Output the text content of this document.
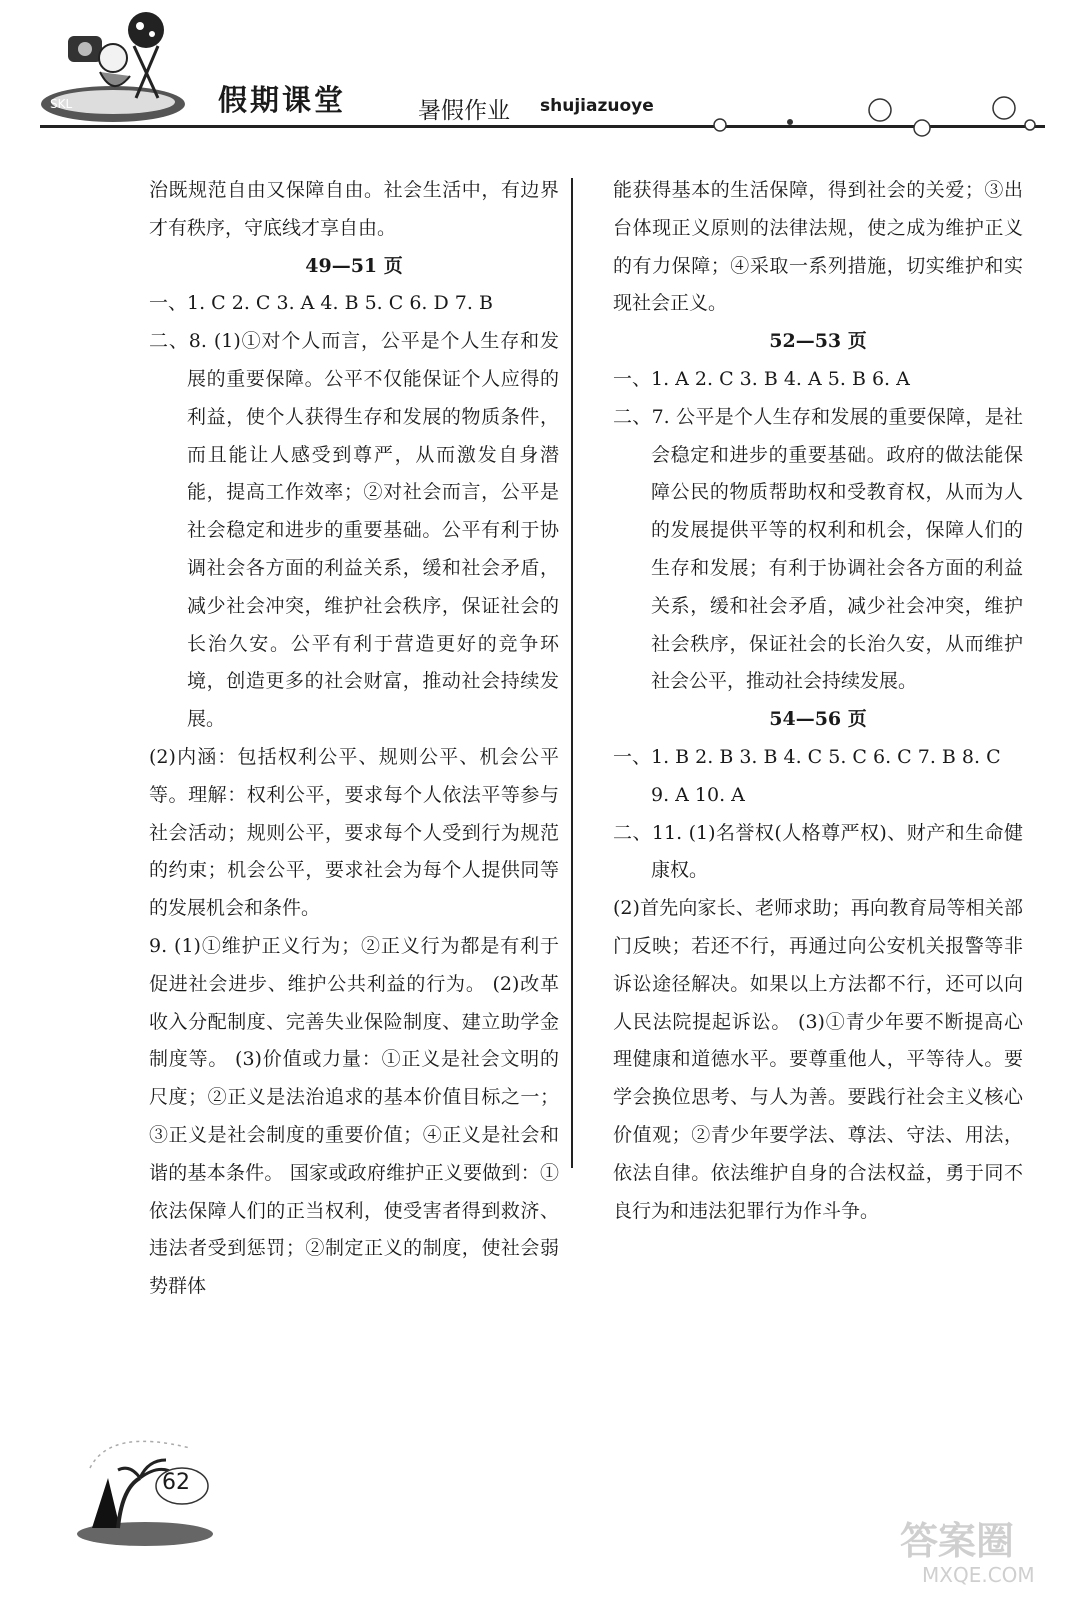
SKL	假期课堂	暑假作业 shujiazuoye

治既规范自由又保障自由。社会生活中，有边界才有秩序，守底线才享自由。

49—51 页

一、1. C 2. C 3. A 4. B 5. C 6. D 7. B

二、8. (1)①对个人而言，公平是个人生存和发展的重要保障。公平不仅能保证个人应得的利益，使个人获得生存和发展的物质条件，而且能让人感受到尊严，从而激发自身潜能，提高工作效率；②对社会而言，公平是社会稳定和进步的重要基础。公平有利于协调社会各方面的利益关系，缓和社会矛盾，减少社会冲突，维护社会秩序，保证社会的长治久安。公平有利于营造更好的竞争环境，创造更多的社会财富，推动社会持续发展。

(2)内涵：包括权利公平、规则公平、机会公平等。理解：权利公平，要求每个人依法平等参与社会活动；规则公平，要求每个人受到行为规范的约束；机会公平，要求社会为每个人提供同等的发展机会和条件。

9. (1)①维护正义行为；②正义行为都是有利于促进社会进步、维护公共利益的行为。 (2)改革收入分配制度、完善失业保险制度、建立助学金制度等。 (3)价值或力量：①正义是社会文明的尺度；②正义是法治追求的基本价值目标之一；③正义是社会制度的重要价值；④正义是社会和谐的基本条件。 国家或政府维护正义要做到：①依法保障人们的正当权利，使受害者得到救济、违法者受到惩罚；②制定正义的制度，使社会弱势群体

能获得基本的生活保障，得到社会的关爱；③出台体现正义原则的法律法规，使之成为维护正义的有力保障；④采取一系列措施，切实维护和实现社会正义。

52—53 页

一、1. A 2. C 3. B 4. A 5. B 6. A

二、7. 公平是个人生存和发展的重要保障，是社会稳定和进步的重要基础。政府的做法能保障公民的物质帮助权和受教育权，从而为人的发展提供平等的权利和机会，保障人们的生存和发展；有利于协调社会各方面的利益关系，缓和社会矛盾，减少社会冲突，维护社会秩序，保证社会的长治久安，从而维护社会公平，推动社会持续发展。

54—56 页

一、1. B 2. B 3. B 4. C 5. C 6. C 7. B 8. C

9. A 10. A

二、11. (1)名誉权(人格尊严权)、财产和生命健康权。

(2)首先向家长、老师求助；再向教育局等相关部门反映；若还不行，再通过向公安机关报警等非诉讼途径解决。如果以上方法都不行，还可以向人民法院提起诉讼。 (3)①青少年要不断提高心理健康和道德水平。要尊重他人，平等待人。要学会换位思考、与人为善。要践行社会主义核心价值观；②青少年要学法、尊法、守法、用法，依法自律。依法维护自身的合法权益，勇于同不良行为和违法犯罪行为作斗争。

62
答案圈
MXQE.COM
